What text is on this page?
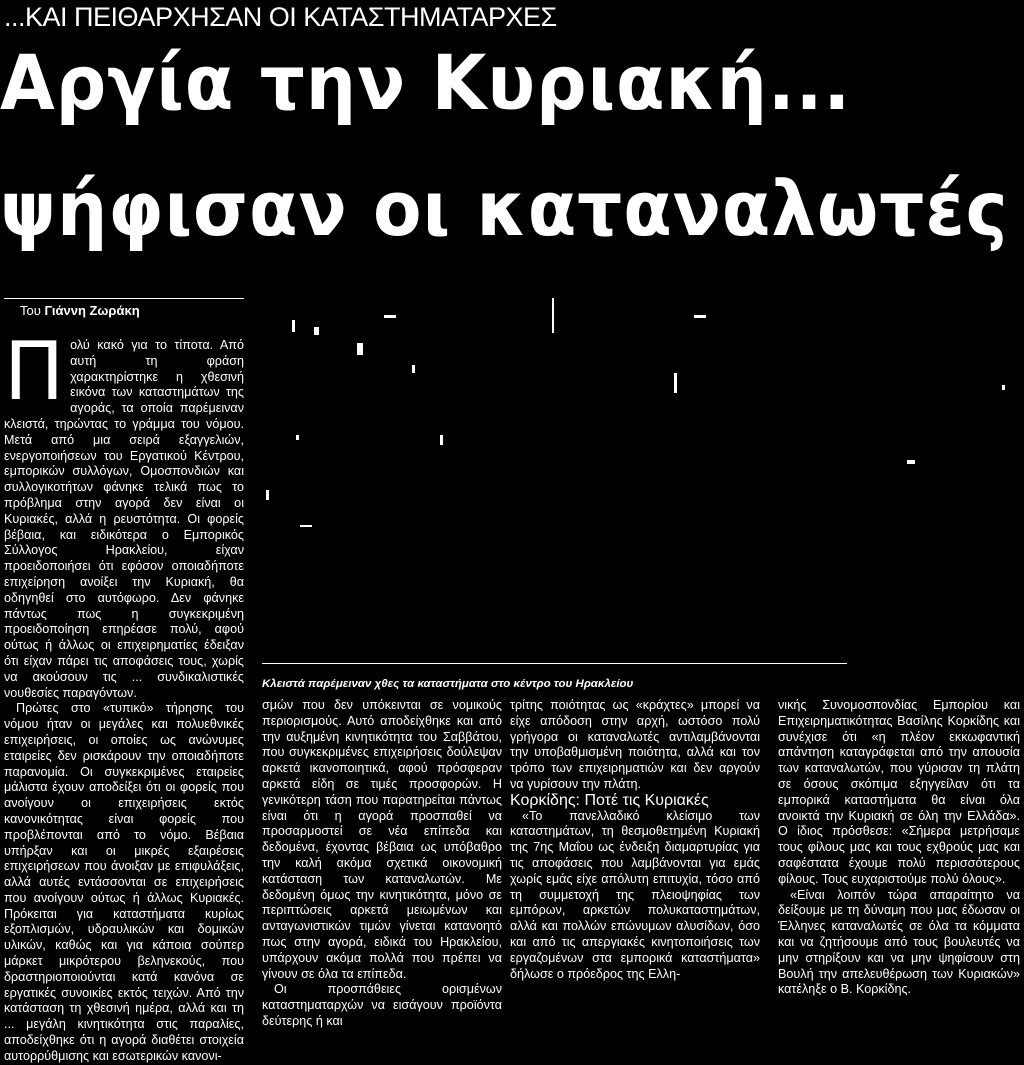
...ΚΑΙ ΠΕΙΘΑΡΧΗΣΑΝ ΟΙ ΚΑΤΑΣΤΗΜΑΤΑΡΧΕΣ
Αργία την Κυριακή...
ψήφισαν οι καταναλωτές
Του Γιάννη Ζωράκη

Πολύ κακό για το τίποτα. Από αυτή τη φράση χαρακτηρίστηκε η χθεσινή εικόνα των καταστημάτων της αγοράς, τα οποία παρέμειναν κλειστά, τηρώντας το γράμμα του νόμου. Μετά από μια σειρά εξαγγελιών, ενεργοποιήσεων του Εργατικού Κέντρου, εμπορικών συλλόγων, Ομοσπονδιών και συλλογικοτήτων φάνηκε τελικά πως το πρόβλημα στην αγορά δεν είναι οι Κυριακές, αλλά η ρευστότητα. Οι φορείς βέβαια, και ειδικότερα ο Εμπορικός Σύλλογος Ηρακλείου, είχαν προειδοποιήσει ότι εφόσον οποιαδήποτε επιχείρηση ανοίξει την Κυριακή, θα οδηγηθεί στο αυτόφωρο. Δεν φάνηκε πάντως πως η συγκεκριμένη προειδοποίηση επηρέασε πολύ, αφού ούτως ή άλλως οι επιχειρηματίες έδειξαν ότι είχαν πάρει τις αποφάσεις τους, χωρίς να ακούσουν τις ... συνδικαλιστικές νουθεσίες παραγόντων.

Πρώτες στο «τυπικό» τήρησης του νόμου ήταν οι μεγάλες και πολυεθνικές επιχειρήσεις, οι οποίες ως ανώνυμες εταιρείες δεν ρισκάρουν την οποιαδήποτε παρανομία. Οι συγκεκριμένες εταιρείες μάλιστα έχουν αποδείξει ότι οι φορείς που ανοίγουν οι επιχειρήσεις εκτός κανονικότητας είναι φορείς που προβλέπονται από το νόμο. Βέβαια υπήρξαν και οι μικρές εξαιρέσεις επιχειρήσεων που άνοιξαν με επιφυλάξεις, αλλά αυτές εντάσσονται σε επιχειρήσεις που ανοίγουν ούτως ή άλλως Κυριακές. Πρόκειται για καταστήματα κυρίως εξοπλισμών, υδραυλικών και δομικών υλικών, καθώς και για κάποια σούπερ μάρκετ μικρότερου βεληνεκούς, που δραστηριοποιούνται κατά κανόνα σε εργατικές συνοικίες εκτός τειχών. Από την κατάσταση τη χθεσινή ημέρα, αλλά και τη ... μεγάλη κινητικότητα στις παραλίες, αποδείχθηκε ότι η αγορά διαθέτει στοιχεία αυτορρύθμισης και εσωτερικών κανονι-

Κλειστά παρέμειναν χθες τα καταστήματα στο κέντρο του Ηρακλείου

σμών που δεν υπόκεινται σε νομικούς περιορισμούς. Αυτό αποδείχθηκε και από την αυξημένη κινητικότητα του Σαββάτου, που συγκεκριμένες επιχειρήσεις δούλεψαν αρκετά ικανοποιητικά, αφού πρόσφεραν αρκετά είδη σε τιμές προσφορών. Η γενικότερη τάση που παρατηρείται πάντως είναι ότι η αγορά προσπαθεί να προσαρμοστεί σε νέα επίπεδα και δεδομένα, έχοντας βέβαια ως υπόβαθρο την καλή ακόμα σχετικά οικονομική κατάσταση των καταναλωτών. Με δεδομένη όμως την κινητικότητα, μόνο σε περιπτώσεις αρκετά μειωμένων και ανταγωνιστικών τιμών γίνεται κατανοητό πως στην αγορά, ειδικά του Ηρακλείου, υπάρχουν ακόμα πολλά που πρέπει να γίνουν σε όλα τα επίπεδα.

Οι προσπάθειες ορισμένων καταστηματαρχών να εισάγουν προϊόντα δεύτερης ή και

τρίτης ποιότητας ως «κράχτες» μπορεί να είχε απόδοση στην αρχή, ωστόσο πολύ γρήγορα οι καταναλωτές αντιλαμβάνονται την υποβαθμισμένη ποιότητα, αλλά και τον τρόπο των επιχειρηματιών και δεν αργούν να γυρίσουν την πλάτη.

Κορκίδης: Ποτέ τις Κυριακές

«Το πανελλαδικό κλείσιμο των καταστημάτων, τη θεσμοθετημένη Κυριακή της 7ης Μαΐου ως ένδειξη διαμαρτυρίας για τις αποφάσεις που λαμβάνονται για εμάς χωρίς εμάς είχε απόλυτη επιτυχία, τόσο από τη συμμετοχή της πλειοψηφίας των εμπόρων, αρκετών πολυκαταστημάτων, αλλά και πολλών επώνυμων αλυσίδων, όσο και από τις απεργιακές κινητοποιήσεις των εργαζομένων στα εμπορικά καταστήματα» δήλωσε ο πρόεδρος της Ελλη-

νικής Συνομοσπονδίας Εμπορίου και Επιχειρηματικότητας Βασίλης Κορκίδης και συνέχισε ότι «η πλέον εκκωφαντική απάντηση καταγράφεται από την απουσία των καταναλωτών, που γύρισαν τη πλάτη σε όσους σκόπιμα εξηγγείλαν ότι τα εμπορικά καταστήματα θα είναι όλα ανοικτά την Κυριακή σε όλη την Ελλάδα». Ο ίδιος πρόσθεσε: «Σήμερα μετρήσαμε τους φίλους μας και τους εχθρούς μας και σαφέστατα έχουμε πολύ περισσότερους φίλους. Τους ευχαριστούμε πολύ όλους».

«Είναι λοιπόν τώρα απαραίτητο να δείξουμε με τη δύναμη που μας έδωσαν οι Έλληνες καταναλωτές σε όλα τα κόμματα και να ζητήσουμε από τους βουλευτές να μην στηρίξουν και να μην ψηφίσουν στη Βουλή την απελευθέρωση των Κυριακών» κατέληξε ο Β. Κορκίδης.
